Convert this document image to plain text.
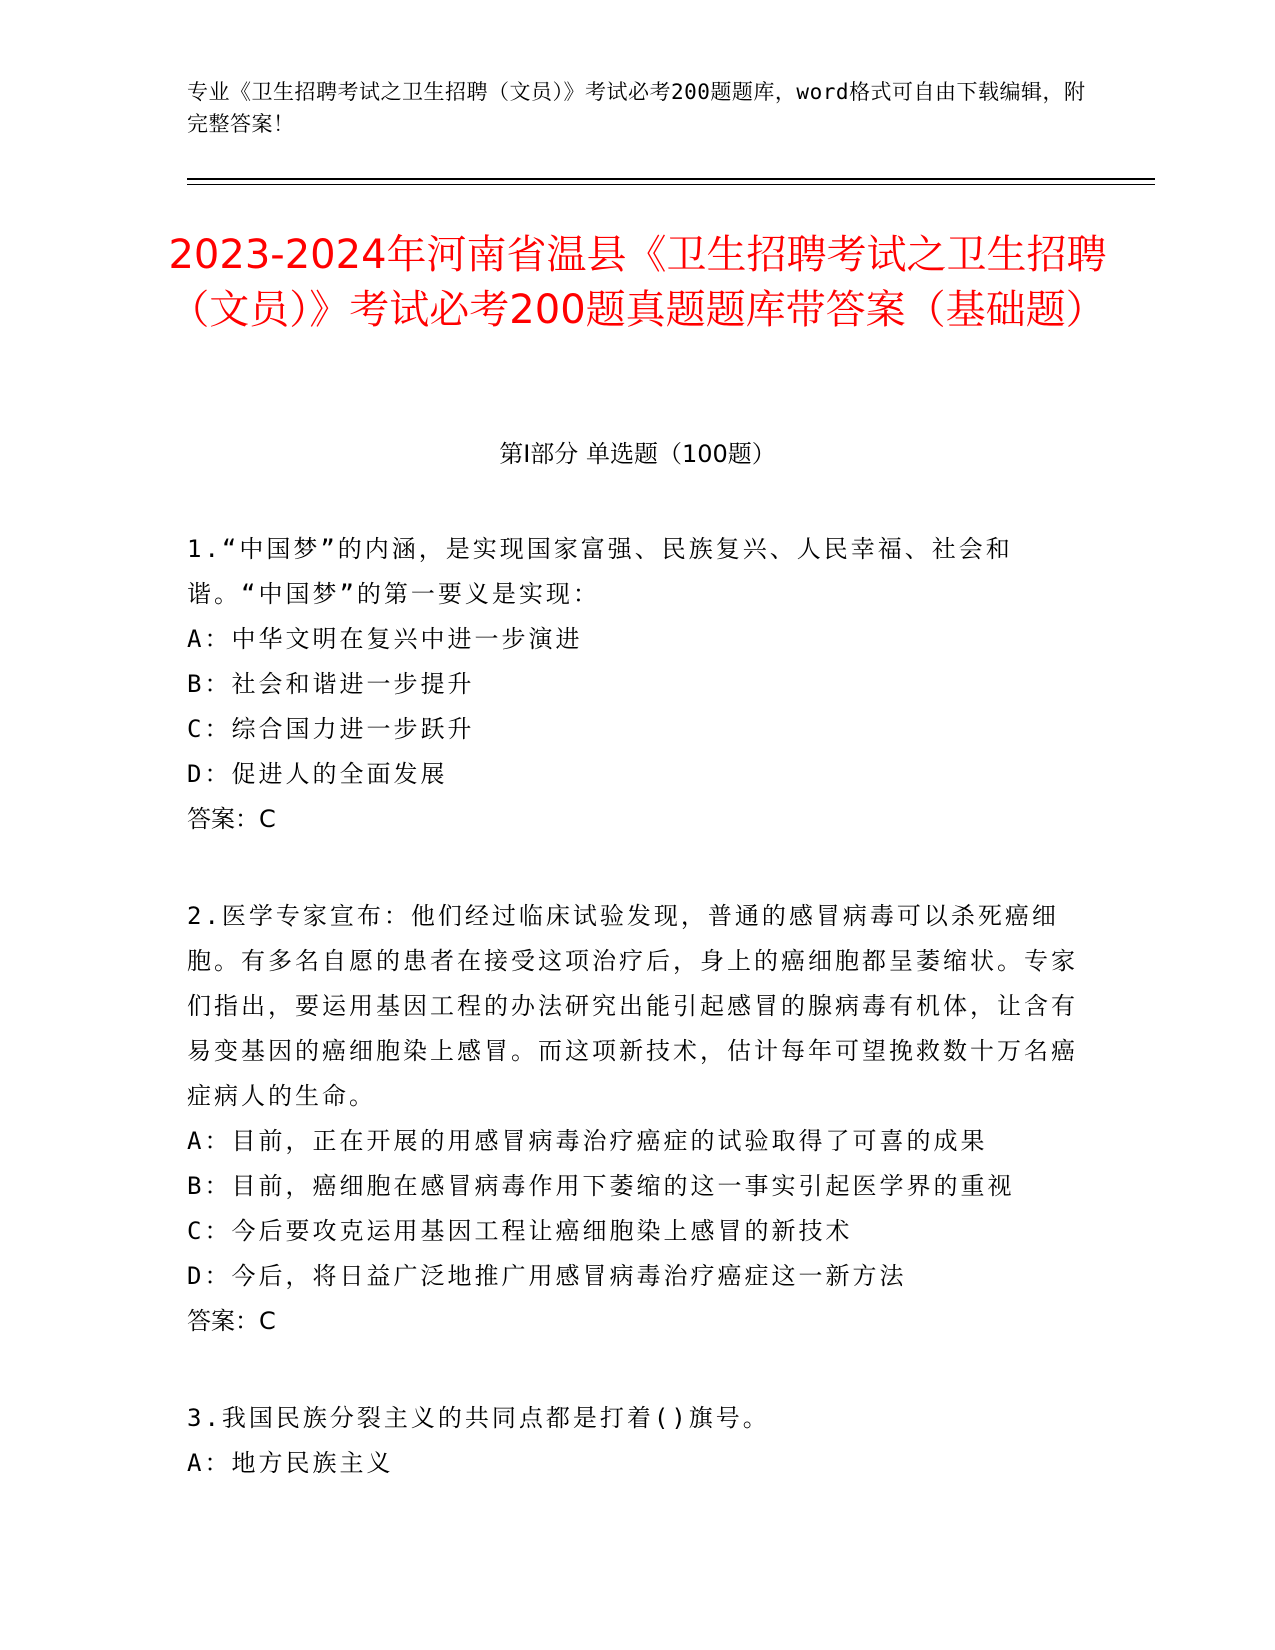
专业《卫生招聘考试之卫生招聘（文员）》考试必考200题题库，word格式可自由下载编辑，附完整答案！
2023-2024年河南省温县《卫生招聘考试之卫生招聘（文员）》考试必考200题真题题库带答案（基础题）
第Ⅰ部分 单选题（100题）
1.“中国梦”的内涵，是实现国家富强、民族复兴、人民幸福、社会和谐。“中国梦”的第一要义是实现：
A：中华文明在复兴中进一步演进
B：社会和谐进一步提升
C：综合国力进一步跃升
D：促进人的全面发展
答案：C
2.医学专家宣布：他们经过临床试验发现，普通的感冒病毒可以杀死癌细胞。有多名自愿的患者在接受这项治疗后，身上的癌细胞都呈萎缩状。专家们指出，要运用基因工程的办法研究出能引起感冒的腺病毒有机体，让含有易变基因的癌细胞染上感冒。而这项新技术，估计每年可望挽救数十万名癌症病人的生命。
A：目前，正在开展的用感冒病毒治疗癌症的试验取得了可喜的成果
B：目前，癌细胞在感冒病毒作用下萎缩的这一事实引起医学界的重视
C：今后要攻克运用基因工程让癌细胞染上感冒的新技术
D：今后，将日益广泛地推广用感冒病毒治疗癌症这一新方法
答案：C
3.我国民族分裂主义的共同点都是打着()旗号。
A：地方民族主义
